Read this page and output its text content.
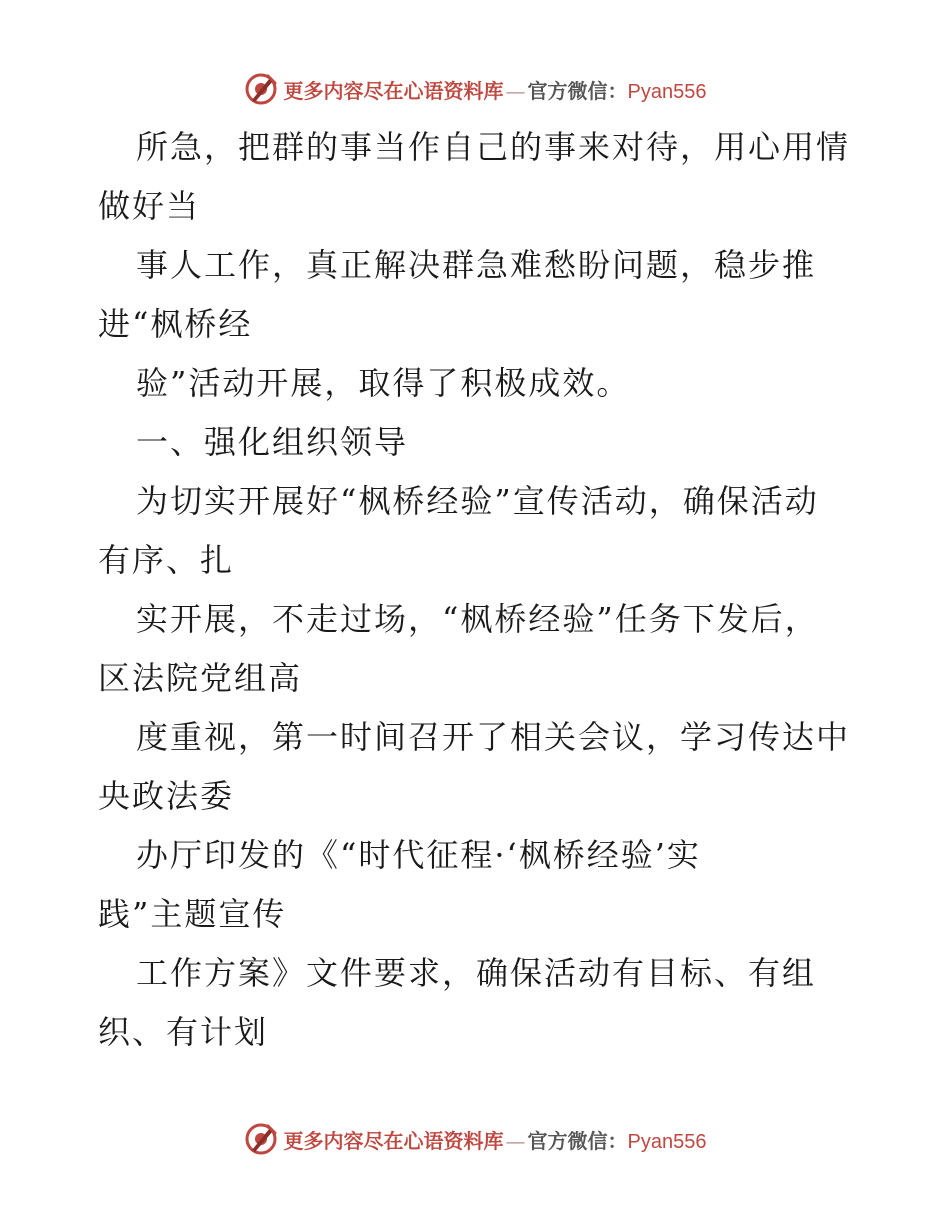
更多内容尽在心语资料库 — 官方微信： Pyan556
所急，把群的事当作自己的事来对待，用心用情
做好当
事人工作，真正解决群急难愁盼问题，稳步推
进“枫桥经
验”活动开展，取得了积极成效。
一、强化组织领导
为切实开展好“枫桥经验”宣传活动，确保活动
有序、扎
实开展，不走过场，“枫桥经验”任务下发后，
区法院党组高
度重视，第一时间召开了相关会议，学习传达中
央政法委
办厅印发的《“时代征程·‘枫桥经验’实
践”主题宣传
工作方案》文件要求，确保活动有目标、有组
织、有计划
更多内容尽在心语资料库 — 官方微信： Pyan556
